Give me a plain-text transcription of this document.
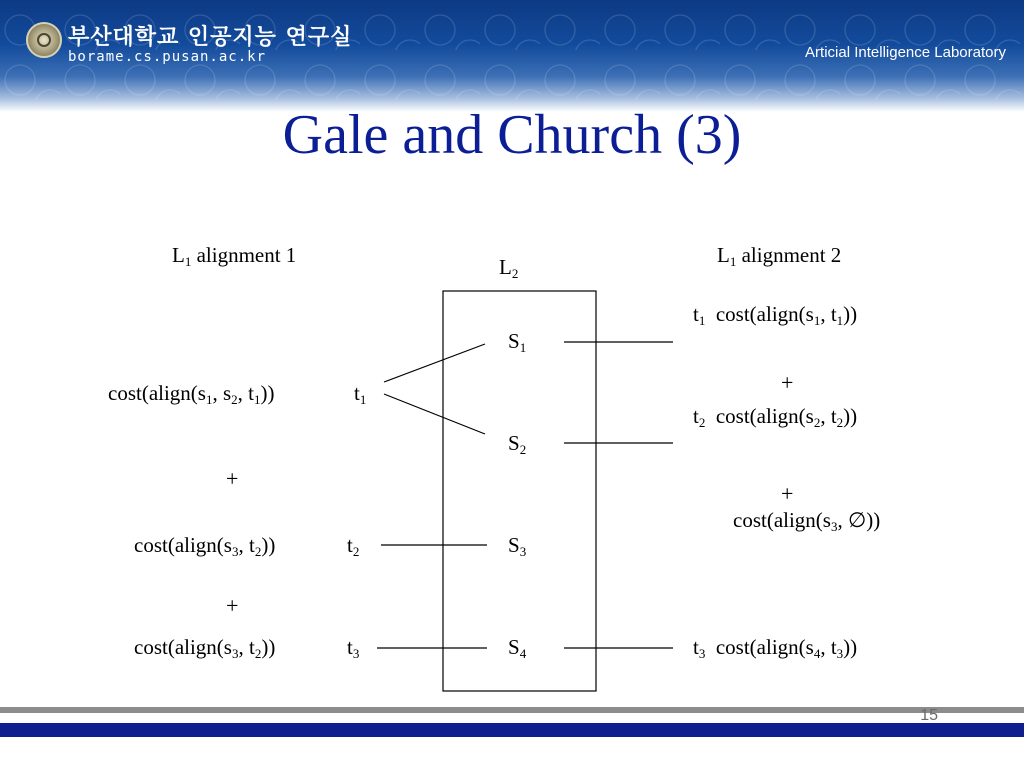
부산대학교 인공지능 연구실
borame.cs.pusan.ac.kr	Articial Intelligence Laboratory
Gale and Church (3)
$L_1$ alignment 1	$L_2$
$L_1$ alignment 2
$S_1$
$S_2$
$S_3$
$S_4$
$\cos t(align(s_1$, $s_2$, $t_1$))	$t_1$
+
$\cos t(align(s_3$, $t_2$))	$t_2$
+
$\cos t(align(s_3$, $t_2$))	$t_3$
$t_1$ $\cos t(align(s_1$, $t_1$))
+
$t_2$ $\cos t(align(s_2$, $t_2$))
+
$\cos t(align(s_3$, ∅))
$t_3$ $\cos t(align(s_4$, $t_3$))
15
